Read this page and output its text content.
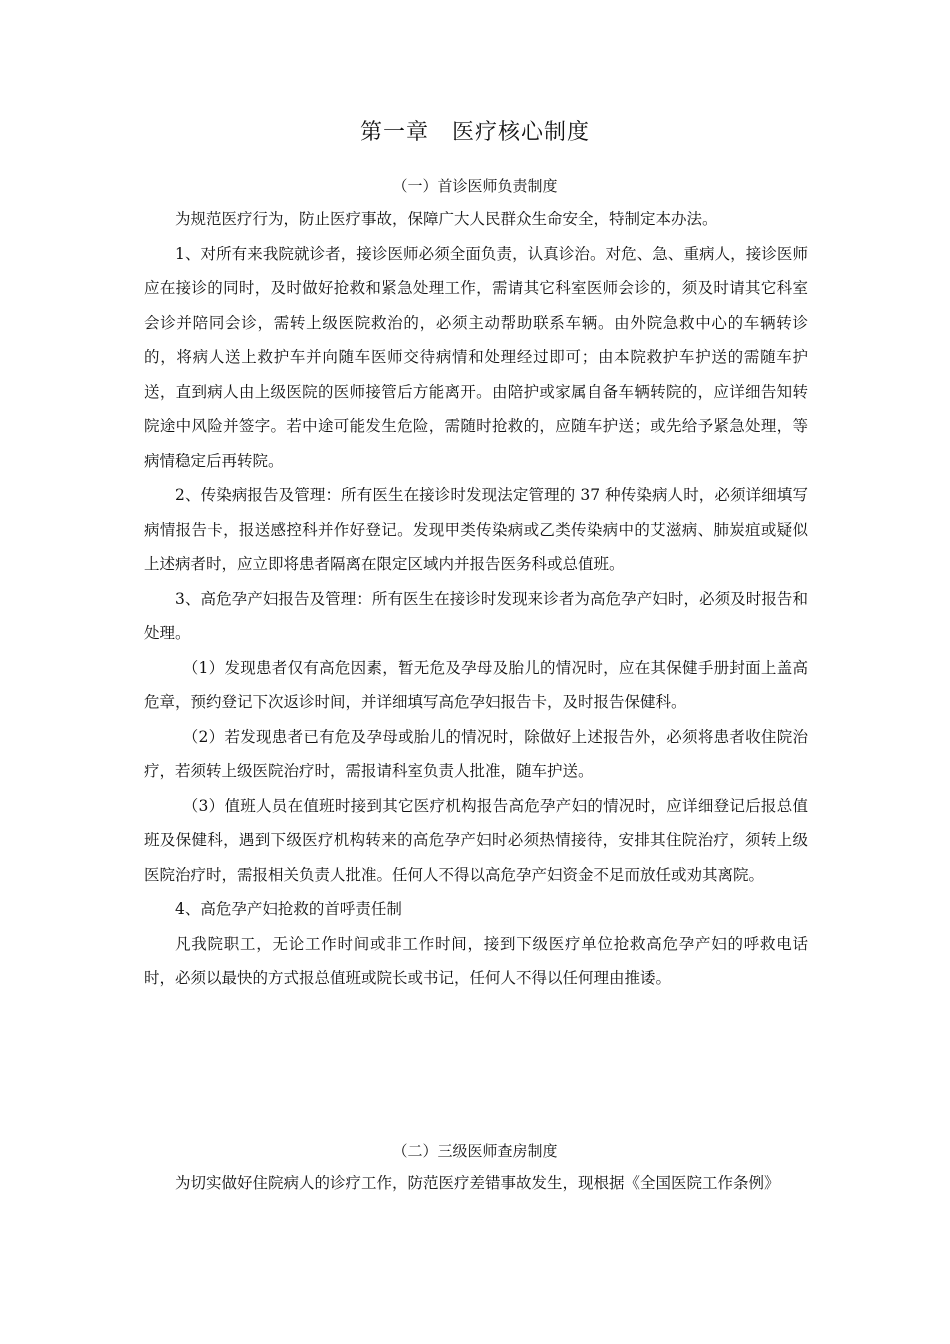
第一章　医疗核心制度
（一）首诊医师负责制度

为规范医疗行为，防止医疗事故，保障广大人民群众生命安全，特制定本办法。

1、对所有来我院就诊者，接诊医师必须全面负责，认真诊治。对危、急、重病人，接诊医师应在接诊的同时，及时做好抢救和紧急处理工作，需请其它科室医师会诊的，须及时请其它科室会诊并陪同会诊，需转上级医院救治的，必须主动帮助联系车辆。由外院急救中心的车辆转诊的，将病人送上救护车并向随车医师交待病情和处理经过即可；由本院救护车护送的需随车护送，直到病人由上级医院的医师接管后方能离开。由陪护或家属自备车辆转院的，应详细告知转院途中风险并签字。若中途可能发生危险，需随时抢救的，应随车护送；或先给予紧急处理，等病情稳定后再转院。

2、传染病报告及管理：所有医生在接诊时发现法定管理的 37 种传染病人时，必须详细填写病情报告卡，报送感控科并作好登记。发现甲类传染病或乙类传染病中的艾滋病、肺炭疽或疑似上述病者时，应立即将患者隔离在限定区域内并报告医务科或总值班。

3、高危孕产妇报告及管理：所有医生在接诊时发现来诊者为高危孕产妇时，必须及时报告和处理。

（1）发现患者仅有高危因素，暂无危及孕母及胎儿的情况时，应在其保健手册封面上盖高危章，预约登记下次返诊时间，并详细填写高危孕妇报告卡，及时报告保健科。

（2）若发现患者已有危及孕母或胎儿的情况时，除做好上述报告外，必须将患者收住院治疗，若须转上级医院治疗时，需报请科室负责人批准，随车护送。

（3）值班人员在值班时接到其它医疗机构报告高危孕产妇的情况时，应详细登记后报总值班及保健科，遇到下级医疗机构转来的高危孕产妇时必须热情接待，安排其住院治疗，须转上级医院治疗时，需报相关负责人批准。任何人不得以高危孕产妇资金不足而放任或劝其离院。

4、高危孕产妇抢救的首呼责任制

凡我院职工，无论工作时间或非工作时间，接到下级医疗单位抢救高危孕产妇的呼救电话时，必须以最快的方式报总值班或院长或书记，任何人不得以任何理由推诿。

（二）三级医师查房制度

为切实做好住院病人的诊疗工作，防范医疗差错事故发生，现根据《全国医院工作条例》
